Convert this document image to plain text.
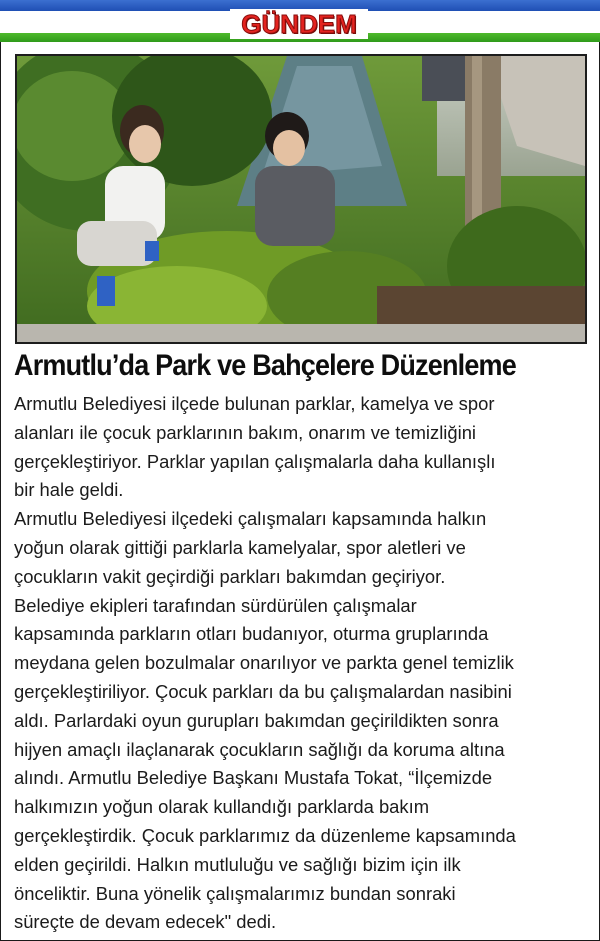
GÜNDEM
Armutlu’da Park ve Bahçelere Düzenleme
Armutlu Belediyesi ilçede bulunan parklar, kamelya ve spor
alanları ile çocuk parklarının bakım, onarım ve temizliğini
gerçekleştiriyor. Parklar yapılan çalışmalarla daha kullanışlı
bir hale geldi.
Armutlu Belediyesi ilçedeki çalışmaları kapsamında halkın
yoğun olarak gittiği parklarla kamelyalar, spor aletleri ve
çocukların vakit geçirdiği parkları bakımdan geçiriyor.
Belediye ekipleri tarafından sürdürülen çalışmalar
kapsamında parkların otları budanıyor, oturma gruplarında
meydana gelen bozulmalar onarılıyor ve parkta genel temizlik
gerçekleştiriliyor. Çocuk parkları da bu çalışmalardan nasibini
aldı. Parlardaki oyun gurupları bakımdan geçirildikten sonra
hijyen amaçlı ilaçlanarak çocukların sağlığı da koruma altına
alındı. Armutlu Belediye Başkanı Mustafa Tokat, “İlçemizde
halkımızın yoğun olarak kullandığı parklarda bakım
gerçekleştirdik. Çocuk parklarımız da düzenleme kapsamında
elden geçirildi. Halkın mutluluğu ve sağlığı bizim için ilk
önceliktir. Buna yönelik çalışmalarımız bundan sonraki
süreçte de devam edecek" dedi.
